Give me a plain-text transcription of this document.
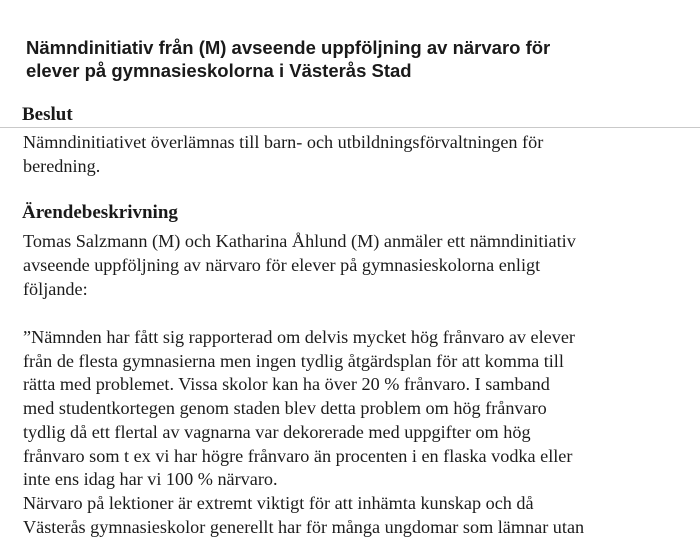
Nämndinitiativ från (M) avseende uppföljning av närvaro för
elever på gymnasieskolorna i Västerås Stad
Beslut

Nämndinitiativet överlämnas till barn- och utbildningsförvaltningen för
beredning.

Ärendebeskrivning

Tomas Salzmann (M) och Katharina Åhlund (M) anmäler ett nämndinitiativ
avseende uppföljning av närvaro för elever på gymnasieskolorna enligt
följande:

”Nämnden har fått sig rapporterad om delvis mycket hög frånvaro av elever
från de flesta gymnasierna men ingen tydlig åtgärdsplan för att komma till
rätta med problemet. Vissa skolor kan ha över 20 % frånvaro. I samband
med studentkortegen genom staden blev detta problem om hög frånvaro
tydlig då ett flertal av vagnarna var dekorerade med uppgifter om hög
frånvaro som t ex vi har högre frånvaro än procenten i en flaska vodka eller
inte ens idag har vi 100 % närvaro.
Närvaro på lektioner är extremt viktigt för att inhämta kunskap och då
Västerås gymnasieskolor generellt har för många ungdomar som lämnar utan
